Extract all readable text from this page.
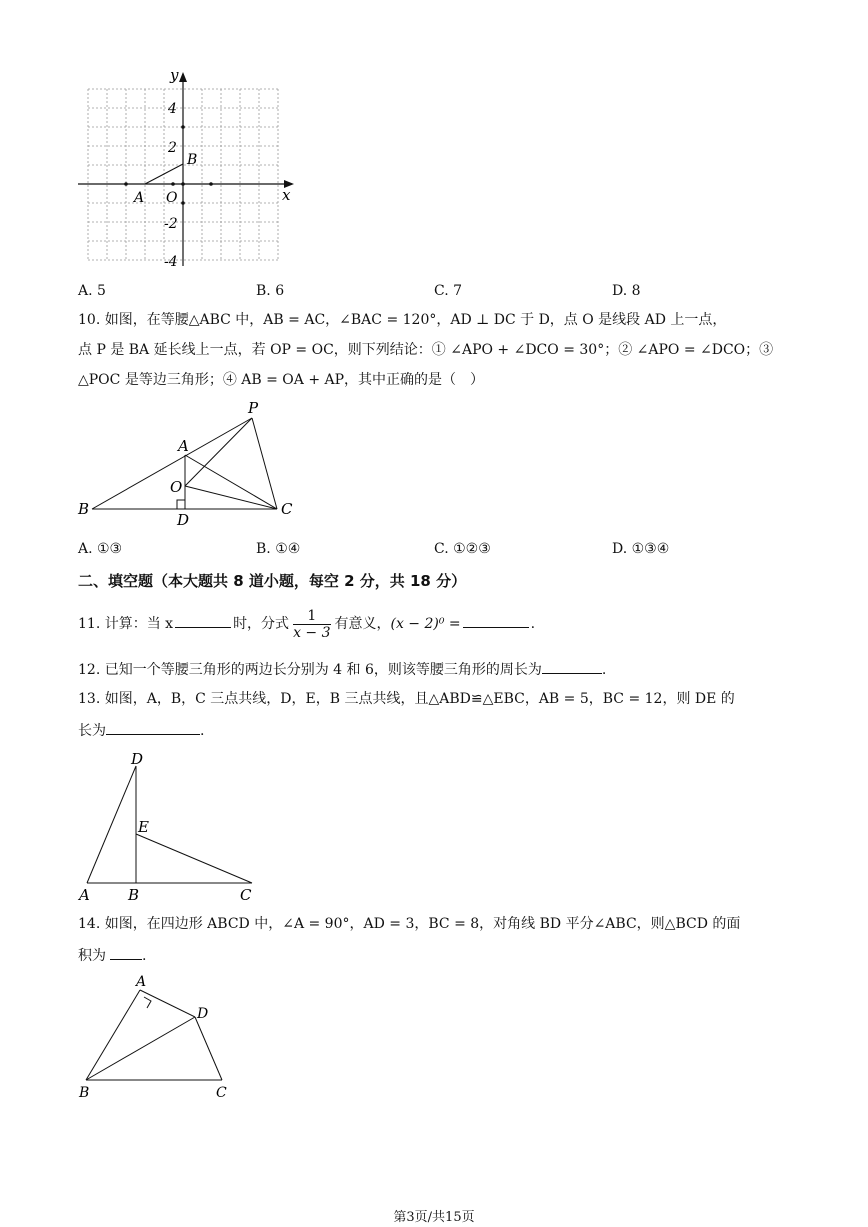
y
x
4
2
-2
-4
B
A O
A. 5	B. 6	C. 7	D. 8
10. 如图，在等腰△ABC 中，AB = AC，∠BAC = 120°，AD ⊥ DC 于 D，点 O 是线段 AD 上一点，
点 P 是 BA 延长线上一点，若 OP = OC，则下列结论：① ∠APO + ∠DCO = 30°；② ∠APO = ∠DCO；③
△POC 是等边三角形；④ AB = OA + AP，其中正确的是（　）
P
A
O
B
D
C
A. ①③	B. ①④	C. ①②③	D. ①③④
二、填空题（本大题共 8 道小题，每空 2 分，共 18 分）
11. 计算：当 x	时，分式 $\frac{1}{x - 3}$ 有意义，(x − 2)⁰ =	.
12. 已知一个等腰三角形的两边长分别为 4 和 6，则该等腰三角形的周长为	.
13. 如图，A，B，C 三点共线，D，E，B 三点共线，且△ABD≌△EBC，AB = 5，BC = 12，则 DE 的
长为	.
D
E
A	B	C
14. 如图，在四边形 ABCD 中，∠A = 90°，AD = 3，BC = 8，对角线 BD 平分∠ABC，则△BCD 的面
积为	.
A
D
B	C
第3页/共15页
